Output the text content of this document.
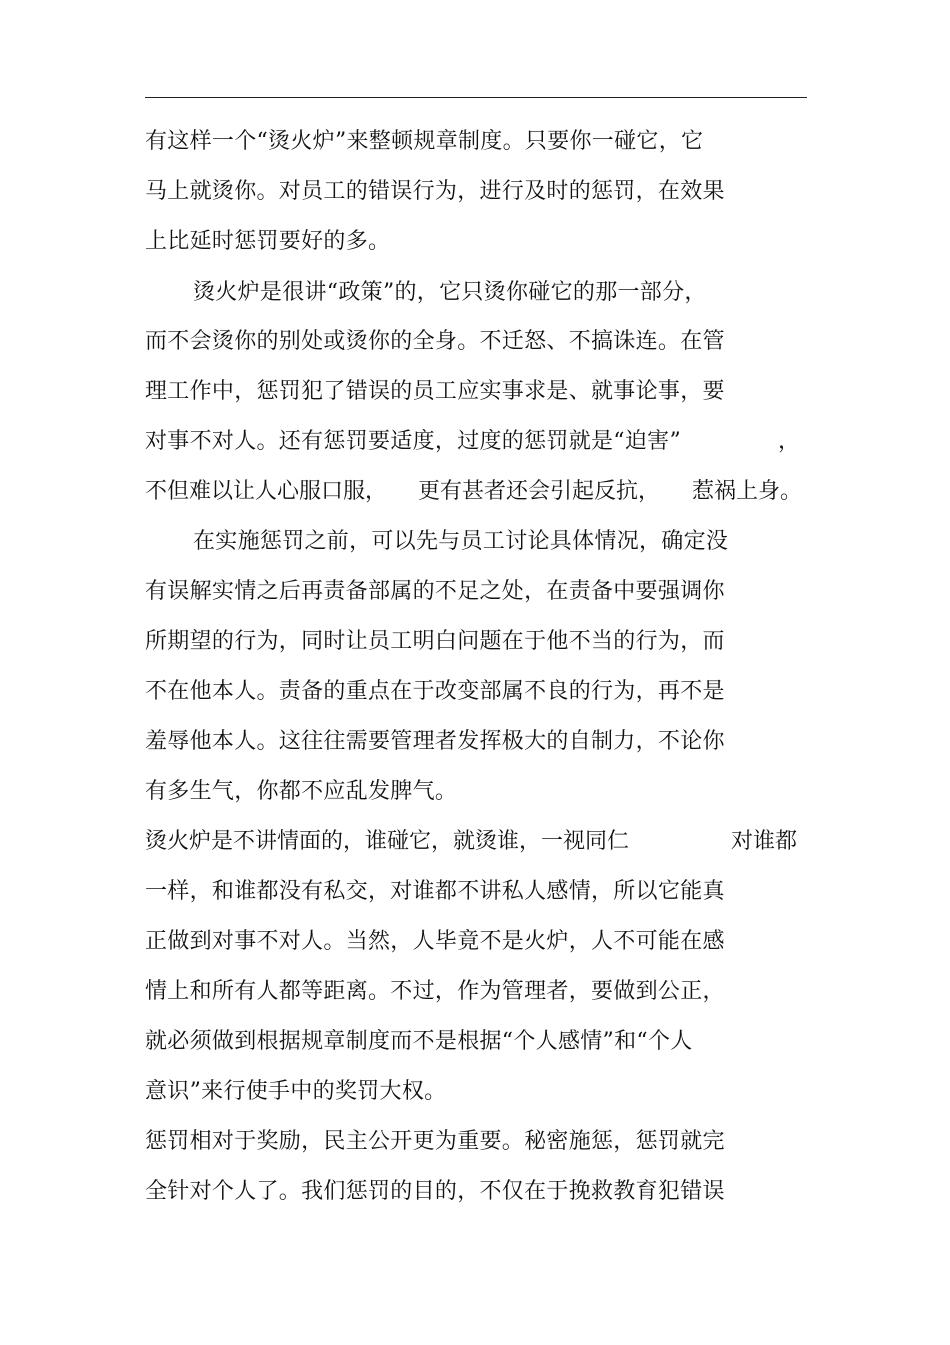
有这样一个“烫火炉”来整顿规章制度。只要你一碰它，它
马上就烫你。对员工的错误行为，进行及时的惩罚，在效果
上比延时惩罚要好的多。
烫火炉是很讲“政策”的，它只烫你碰它的那一部分，
而不会烫你的别处或烫你的全身。不迁怒、不搞诛连。在管
理工作中，惩罚犯了错误的员工应实事求是、就事论事，要
对事不对人。还有惩罚要适度，过度的惩罚就是“迫害”	，
不但难以让人心服口服， 更有甚者还会引起反抗， 惹祸上身。
在实施惩罚之前，可以先与员工讨论具体情况，确定没
有误解实情之后再责备部属的不足之处，在责备中要强调你
所期望的行为，同时让员工明白问题在于他不当的行为，而
不在他本人。责备的重点在于改变部属不良的行为，再不是
羞辱他本人。这往往需要管理者发挥极大的自制力，不论你
有多生气，你都不应乱发脾气。
烫火炉是不讲情面的，谁碰它，就烫谁，一视同仁	对谁都
一样，和谁都没有私交，对谁都不讲私人感情，所以它能真
正做到对事不对人。当然，人毕竟不是火炉，人不可能在感
情上和所有人都等距离。不过，作为管理者，要做到公正，
就必须做到根据规章制度而不是根据“个人感情”和“个人
意识”来行使手中的奖罚大权。
惩罚相对于奖励，民主公开更为重要。秘密施惩，惩罚就完
全针对个人了。我们惩罚的目的，不仅在于挽救教育犯错误
